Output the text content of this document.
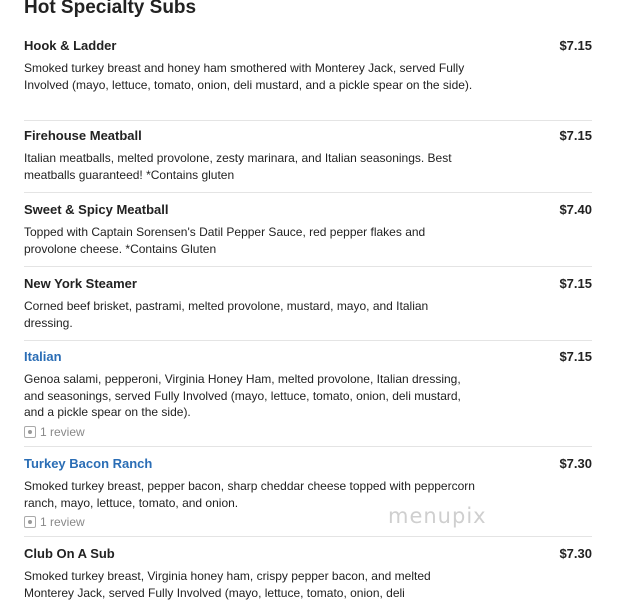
Hot Specialty Subs
Hook & Ladder	$7.15

Smoked turkey breast and honey ham smothered with Monterey Jack, served Fully Involved (mayo, lettuce, tomato, onion, deli mustard, and a pickle spear on the side).

Firehouse Meatball	$7.15

Italian meatballs, melted provolone, zesty marinara, and Italian seasonings. Best meatballs guaranteed! *Contains gluten

Sweet & Spicy Meatball	$7.40

Topped with Captain Sorensen's Datil Pepper Sauce, red pepper flakes and provolone cheese. *Contains Gluten

New York Steamer	$7.15

Corned beef brisket, pastrami, melted provolone, mustard, mayo, and Italian dressing.

Italian	$7.15

Genoa salami, pepperoni, Virginia Honey Ham, melted provolone, Italian dressing, and seasonings, served Fully Involved (mayo, lettuce, tomato, onion, deli mustard, and a pickle spear on the side).

1 review
Turkey Bacon Ranch	$7.30

Smoked turkey breast, pepper bacon, sharp cheddar cheese topped with peppercorn ranch, mayo, lettuce, tomato, and onion.

1 review
Club On A Sub	$7.30

Smoked turkey breast, Virginia honey ham, crispy pepper bacon, and melted Monterey Jack, served Fully Involved (mayo, lettuce, tomato, onion, deli

menupix
